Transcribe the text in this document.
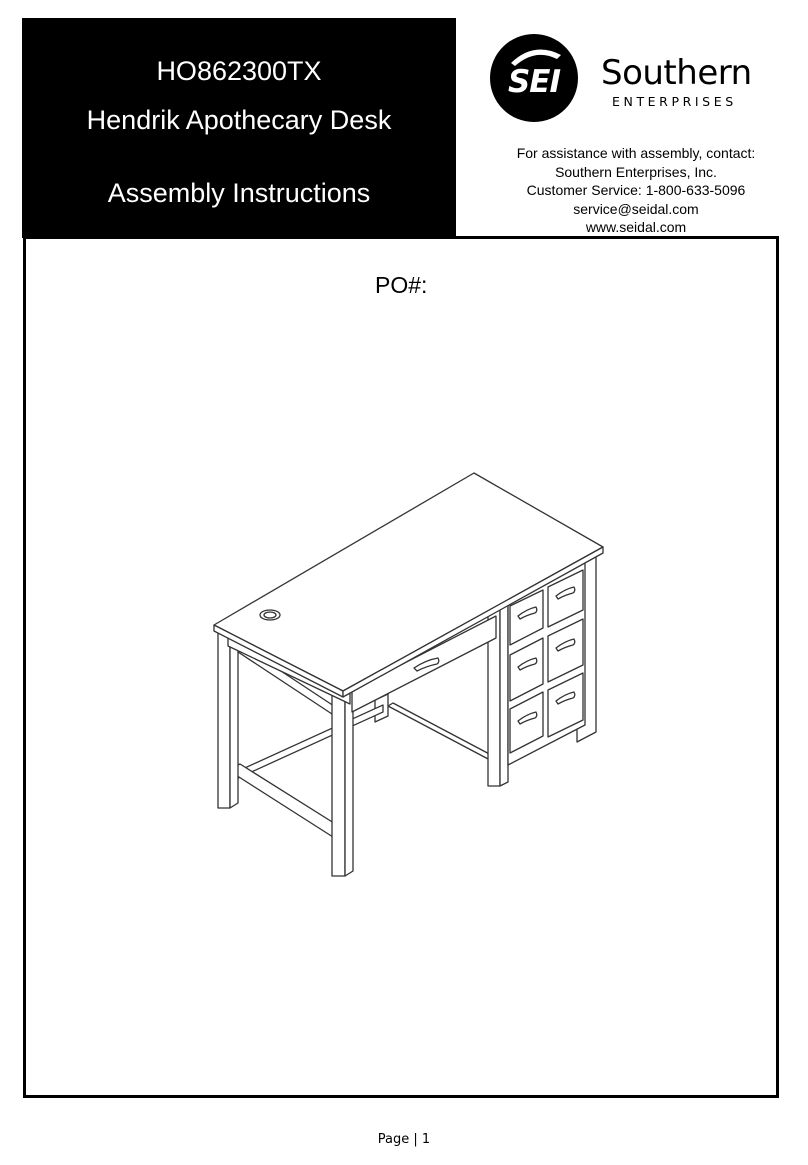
HO862300TX
Hendrik Apothecary Desk
Assembly Instructions
SEI Southern
ENTERPRISES
For assistance with assembly, contact:
Southern Enterprises, Inc.
Customer Service: 1-800-633-5096
service@seidal.com
www.seidal.com
PO#:
Page | 1
